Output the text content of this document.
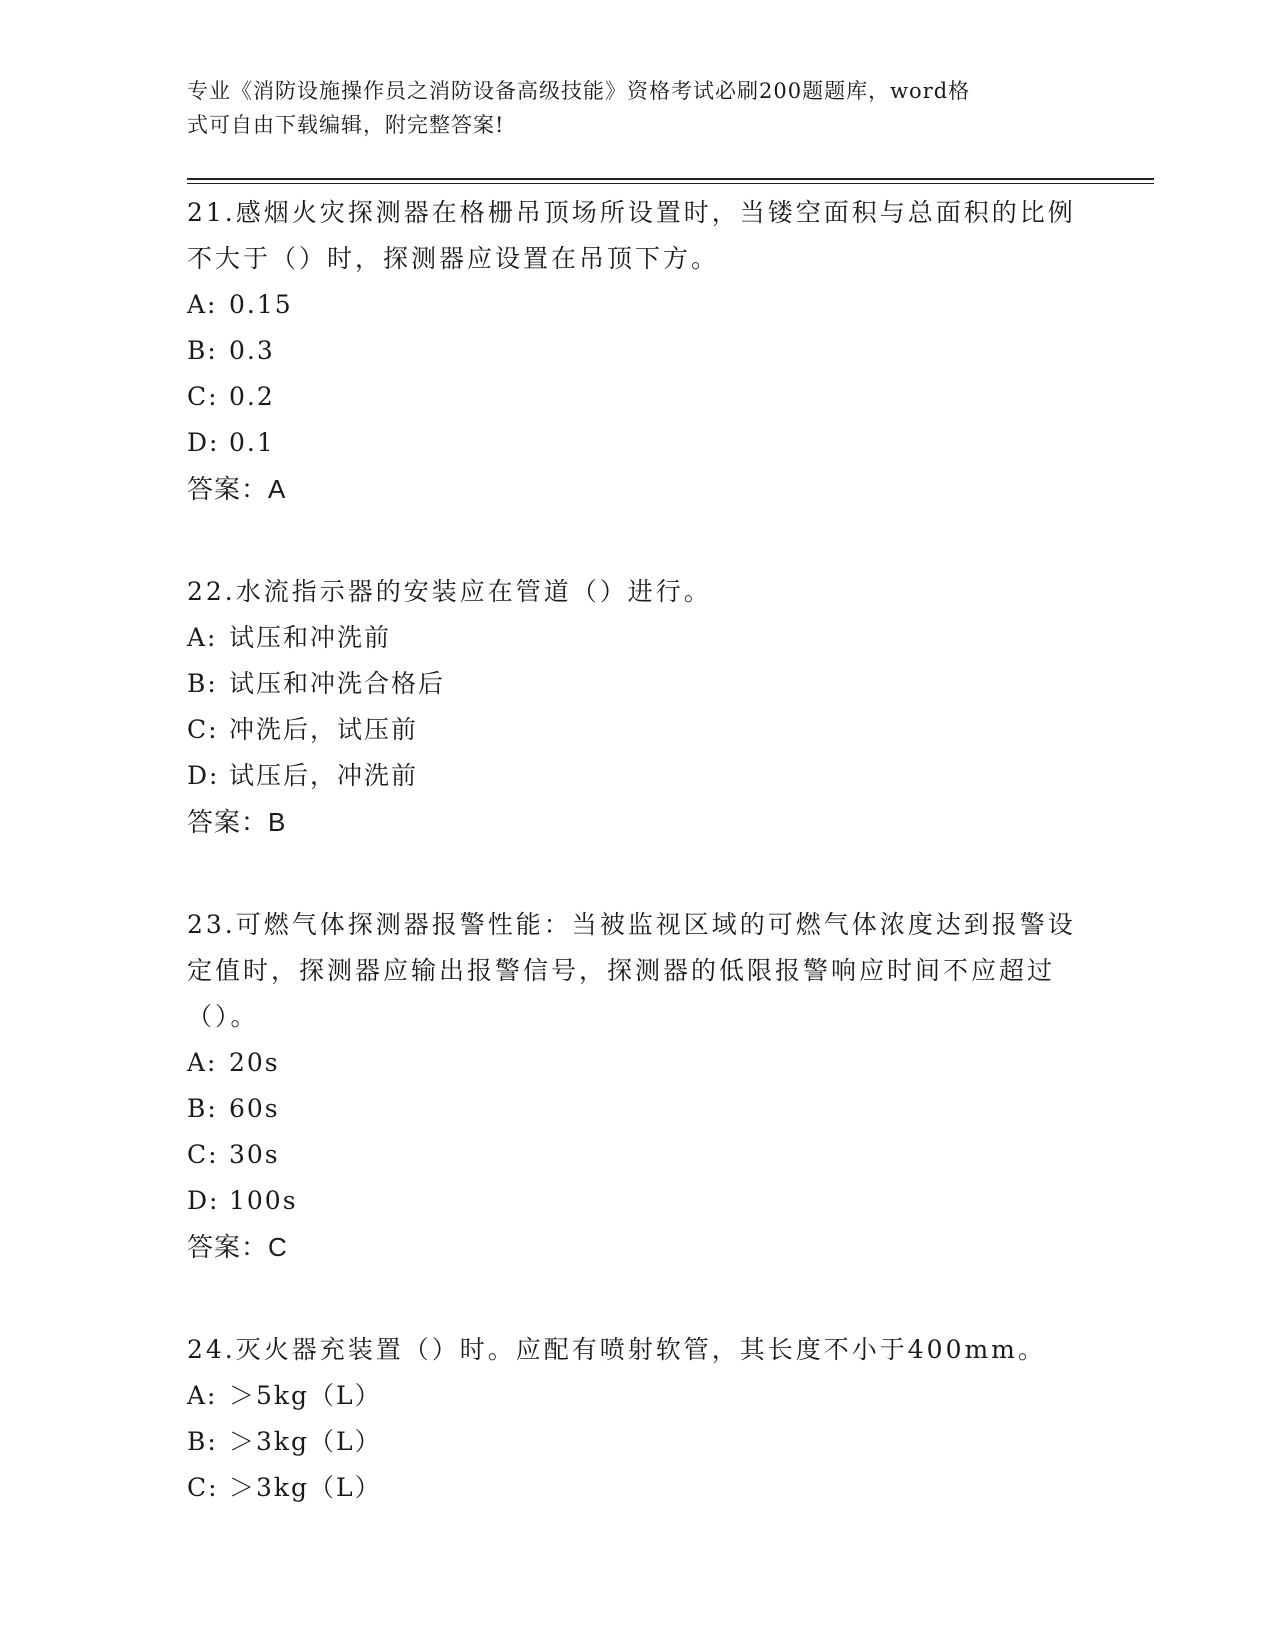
专业《消防设施操作员之消防设备高级技能》资格考试必刷200题题库，word格
式可自由下载编辑，附完整答案!

21.感烟火灾探测器在格栅吊顶场所设置时，当镂空面积与总面积的比例不大于（）时，探测器应设置在吊顶下方。

A: 0.15
B: 0.3
C: 0.2
D: 0.1

答案：A

22.水流指示器的安装应在管道（）进行。

A: 试压和冲洗前
B: 试压和冲洗合格后
C: 冲洗后，试压前
D: 试压后，冲洗前

答案：B

23.可燃气体探测器报警性能：当被监视区域的可燃气体浓度达到报警设定值时，探测器应输出报警信号，探测器的低限报警响应时间不应超过（）。

A: 20s
B: 60s
C: 30s
D: 100s

答案：C

24.灭火器充装置（）时。应配有喷射软管，其长度不小于400mm。

A: ＞5kg（L）
B: ＞3kg（L）
C: ＞3kg（L）
